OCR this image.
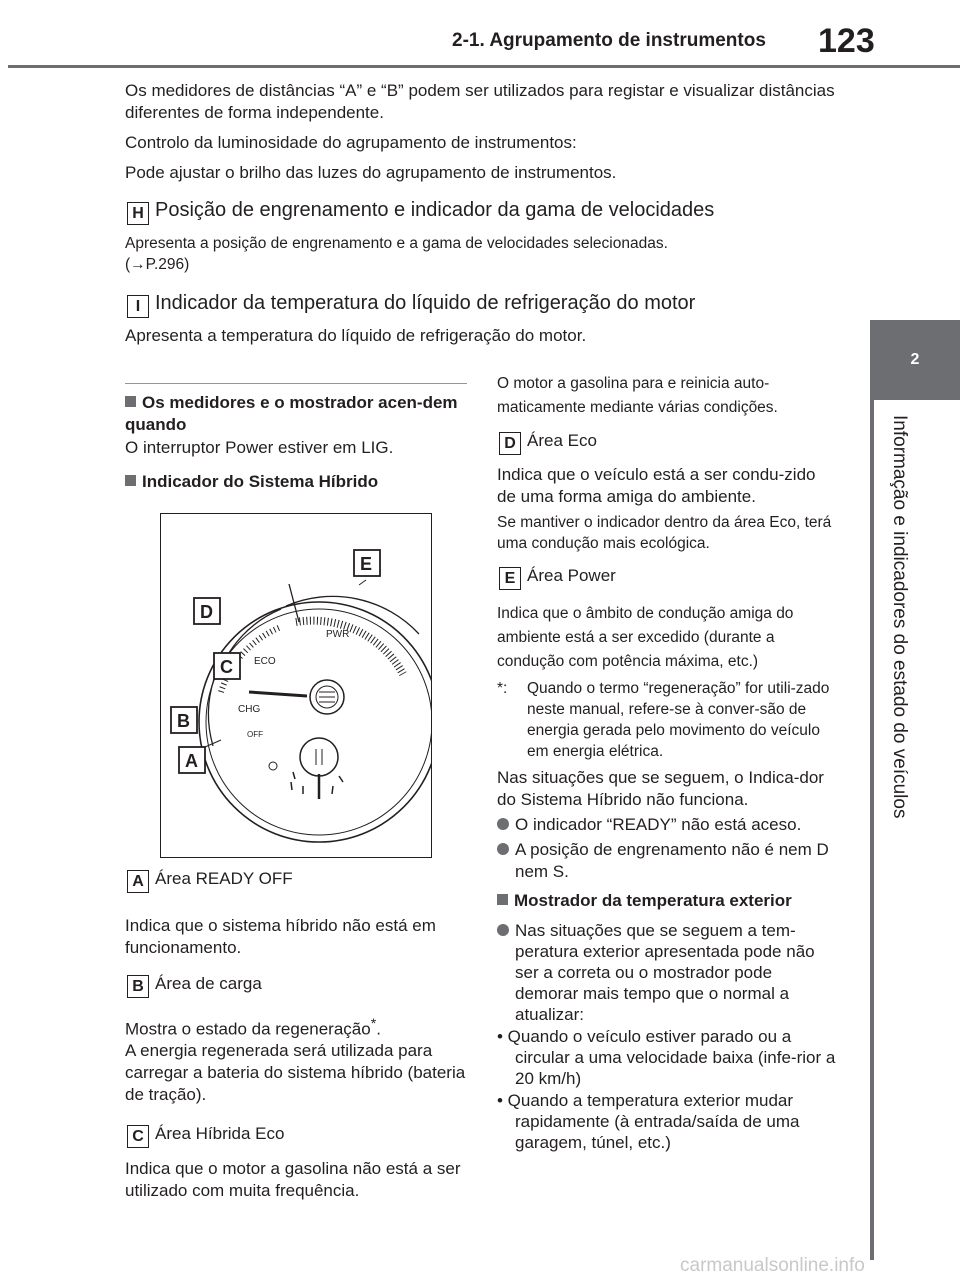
2-1. Agrupamento de instrumentos 123
2
Informação e indicadores do estado do veículos
Os medidores de distâncias “A” e “B” podem ser utilizados para registar e visualizar distâncias diferentes de forma independente.
Controlo da luminosidade do agrupamento de instrumentos:
Pode ajustar o brilho das luzes do agrupamento de instrumentos.
H Posição de engrenamento e indicador da gama de velocidades
Apresenta a posição de engrenamento e a gama de velocidades selecionadas.
(→P.296)
I Indicador da temperatura do líquido de refrigeração do motor
Apresenta a temperatura do líquido de refrigeração do motor.
Os medidores e o mostrador acen-dem quando
O interruptor Power estiver em LIG.
Indicador do Sistema Híbrido
ECO
PWR
CHG
OFF
E
D
C
B
A
A Área READY OFF
Indica que o sistema híbrido não está em funcionamento.
B Área de carga
Mostra o estado da regeneração*.
A energia regenerada será utilizada para carregar a bateria do sistema híbrido (bateria de tração).
C Área Híbrida Eco
Indica que o motor a gasolina não está a ser utilizado com muita frequência.
O motor a gasolina para e reinicia auto-maticamente mediante várias condições.
D Área Eco
Indica que o veículo está a ser condu-zido de uma forma amiga do ambiente.
Se mantiver o indicador dentro da área Eco, terá uma condução mais ecológica.
E Área Power
Indica que o âmbito de condução amiga do ambiente está a ser excedido (durante a condução com potência máxima, etc.)
*:	Quando o termo “regeneração” for utili-zado neste manual, refere-se à conver-são de energia gerada pelo movimento do veículo em energia elétrica.
Nas situações que se seguem, o Indica-dor do Sistema Híbrido não funciona.
O indicador “READY” não está aceso.
A posição de engrenamento não é nem D nem S.
Mostrador da temperatura exterior
Nas situações que se seguem a tem-peratura exterior apresentada pode não ser a correta ou o mostrador pode demorar mais tempo que o normal a atualizar:
• Quando o veículo estiver parado ou a circular a uma velocidade baixa (infe-rior a 20 km/h)
• Quando a temperatura exterior mudar rapidamente (à entrada/saída de uma garagem, túnel, etc.)
carmanualsonline.info
